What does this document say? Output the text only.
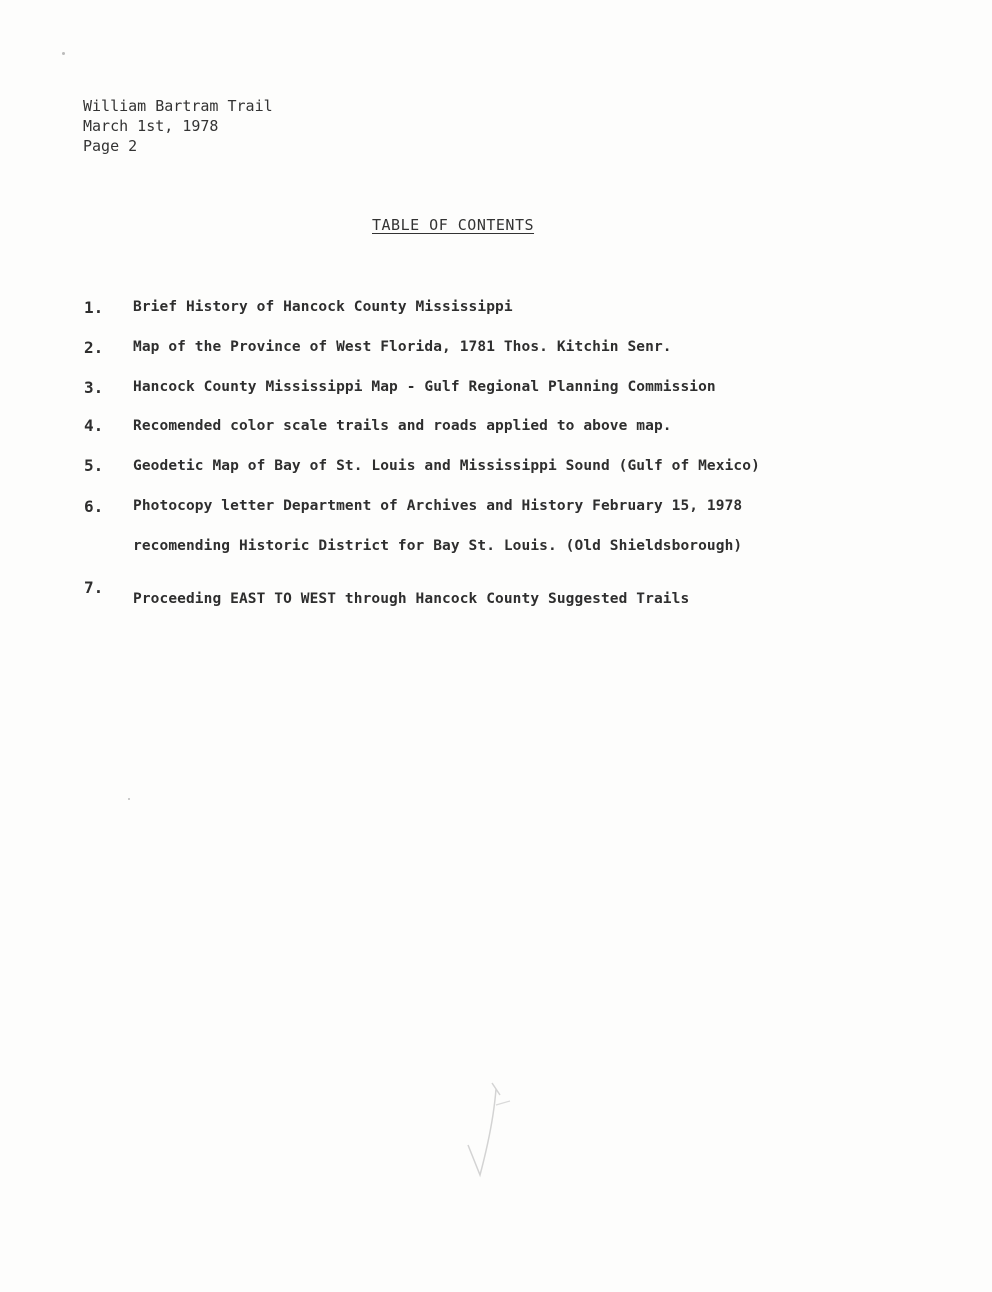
William Bartram Trail
March 1st, 1978
Page 2
TABLE OF CONTENTS
1. Brief History of Hancock County Mississippi
2. Map of the Province of West Florida, 1781 Thos. Kitchin Senr.
3. Hancock County Mississippi Map - Gulf Regional Planning Commission
4. Recomended color scale trails and roads applied to above map.
5. Geodetic Map of Bay of St. Louis and Mississippi Sound (Gulf of Mexico)
6. Photocopy letter Department of Archives and History February 15, 1978
recomending Historic District for Bay St. Louis. (Old Shieldsborough)
7.
Proceeding EAST TO WEST through Hancock County Suggested Trails
